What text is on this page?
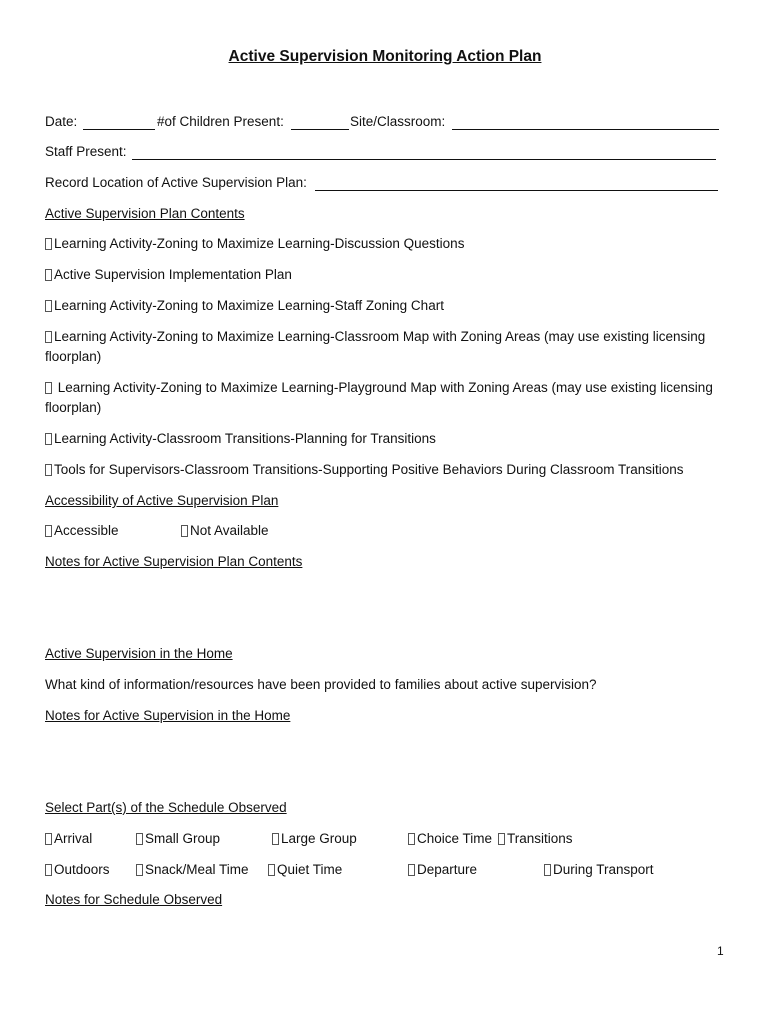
Active Supervision Monitoring Action Plan
Date:	#of Children Present:	Site/Classroom:
Staff Present:
Record Location of Active Supervision Plan:
Active Supervision Plan Contents
Learning Activity-Zoning to Maximize Learning-Discussion Questions
Active Supervision Implementation Plan
Learning Activity-Zoning to Maximize Learning-Staff Zoning Chart
Learning Activity-Zoning to Maximize Learning-Classroom Map with Zoning Areas (may use existing licensing floorplan)
Learning Activity-Zoning to Maximize Learning-Playground Map with Zoning Areas (may use existing licensing floorplan)
Learning Activity-Classroom Transitions-Planning for Transitions
Tools for Supervisors-Classroom Transitions-Supporting Positive Behaviors During Classroom Transitions
Accessibility of Active Supervision Plan
Accessible	Not Available
Notes for Active Supervision Plan Contents
Active Supervision in the Home
What kind of information/resources have been provided to families about active supervision?
Notes for Active Supervision in the Home
Select Part(s) of the Schedule Observed
Arrival	Small Group	Large Group	Choice Time	Transitions
Outdoors	Snack/Meal Time	Quiet Time	Departure	During Transport
Notes for Schedule Observed
1
